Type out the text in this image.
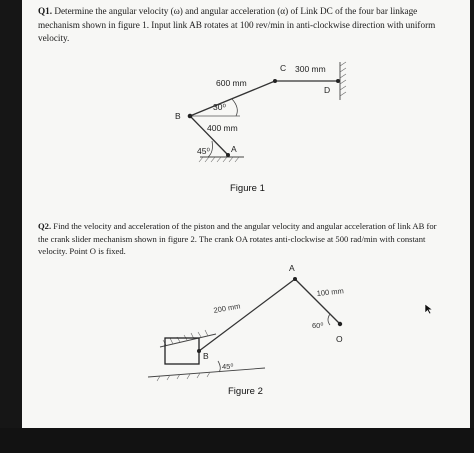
Q1. Determine the angular velocity (ω) and angular acceleration (α) of Link DC of the four bar linkage mechanism shown in figure 1. Input link AB rotates at 100 rev/min in anti-clockwise direction with uniform velocity.
Q2. Find the velocity and acceleration of the piston and the angular velocity and angular acceleration of link AB for the crank slider mechanism shown in figure 2. The crank OA rotates anti-clockwise at 500 rad/min with constant velocity. Point O is fixed.
300 mm
600 mm
C
D
B
30⁰
400 mm
45⁰ A
Figure 1
A
200 mm
100 mm
60⁰
O
B
45⁰
Figure 2
